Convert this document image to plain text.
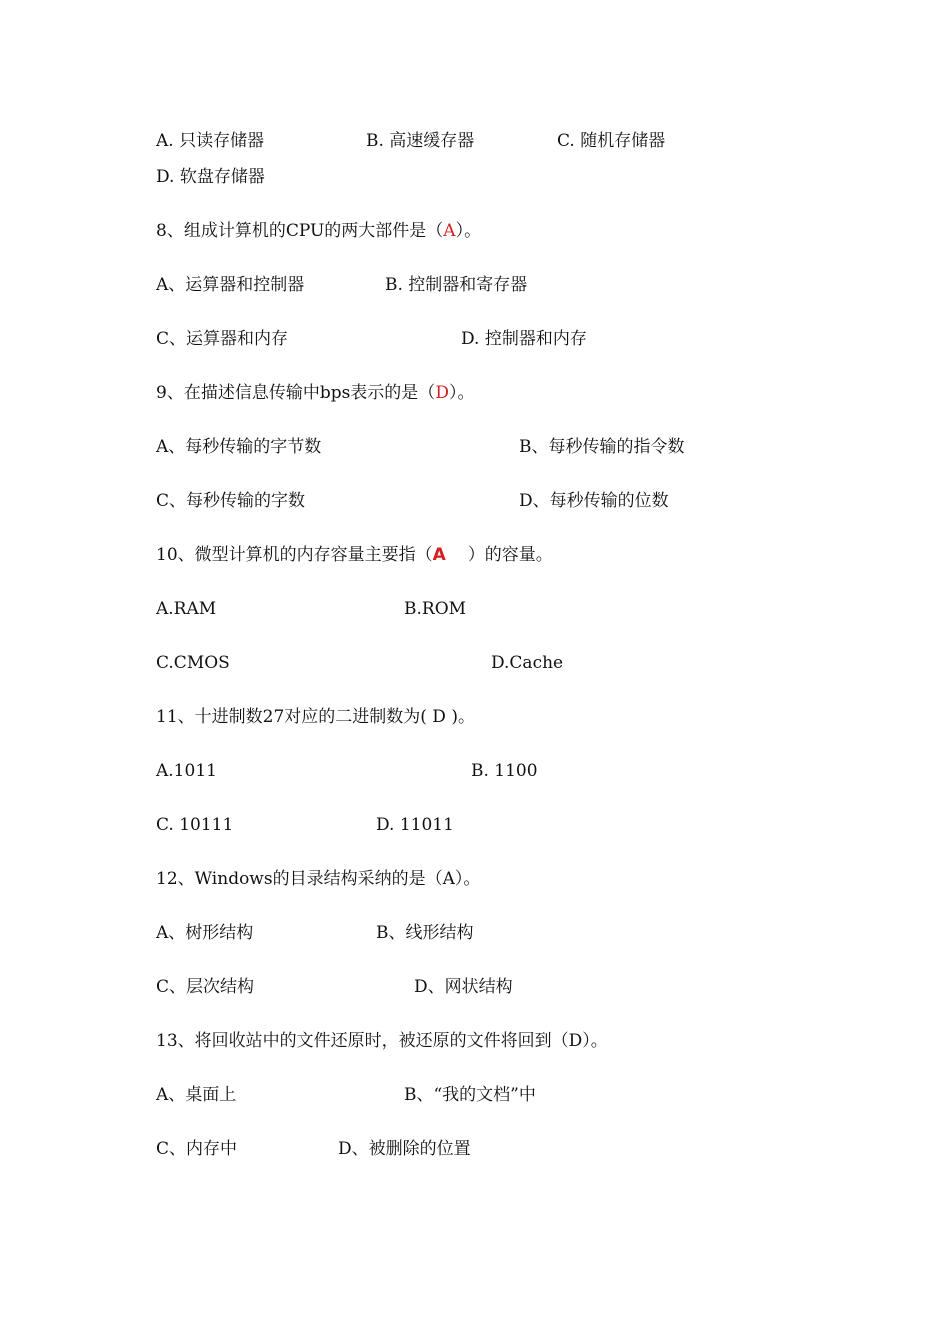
A. 只读存储器	B. 高速缓存器	C. 随机存储器
D. 软盘存储器
8、组成计算机的CPU的两大部件是（A）。
A、运算器和控制器	B. 控制器和寄存器
C、运算器和内存	D. 控制器和内存
9、在描述信息传输中bps表示的是（D）。
A、每秒传输的字节数	B、每秒传输的指令数
C、每秒传输的字数	D、每秒传输的位数
10、微型计算机的内存容量主要指（A ）的容量。
A.RAM	B.ROM
C.CMOS	D.Cache
11、十进制数27对应的二进制数为( D )。
A.1011	B. 1100
C. 10111	D. 11011
12、Windows的目录结构采纳的是（A）。
A、树形结构	B、线形结构
C、层次结构	D、网状结构
13、将回收站中的文件还原时，被还原的文件将回到（D）。
A、桌面上	B、“我的文档”中
C、内存中	D、被删除的位置
